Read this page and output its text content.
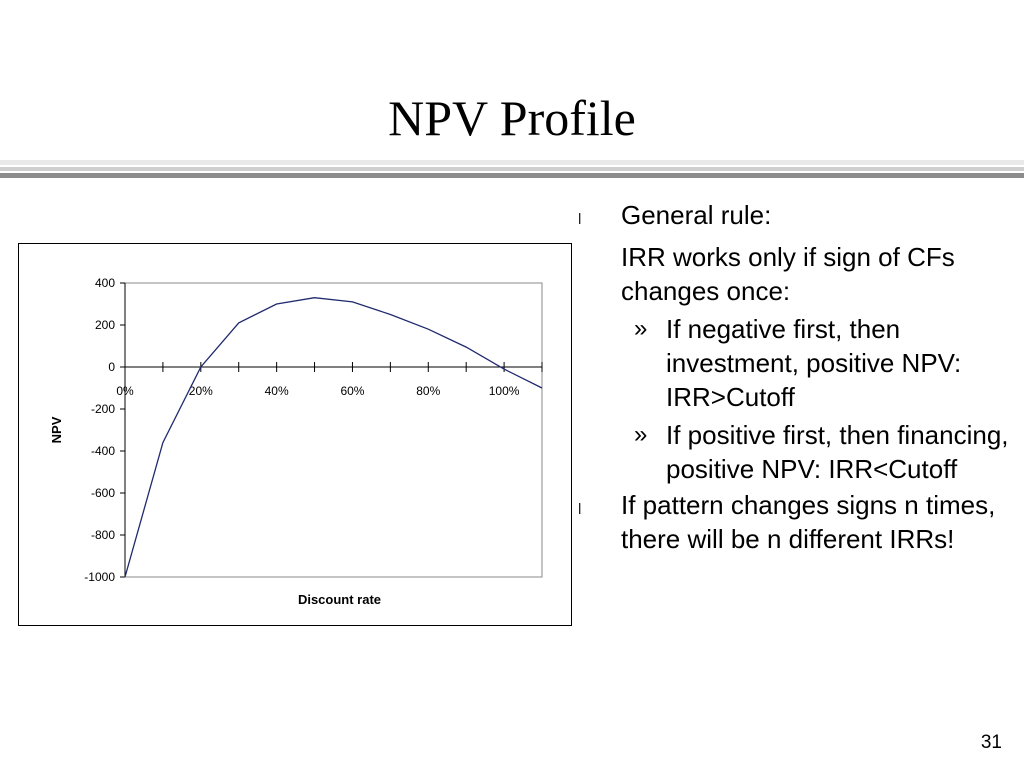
NPV Profile
400
200
0
-200
-400
-600
-800
-1000
0%	20%	40%	60%	80%	100%
Discount rate
NPV
l	General rule:
IRR works only if sign of CFs changes once:
» If negative first, then investment, positive NPV: IRR>Cutoff
» If positive first, then financing, positive NPV: IRR<Cutoff
l	If pattern changes signs n times, there will be n different IRRs!
31
